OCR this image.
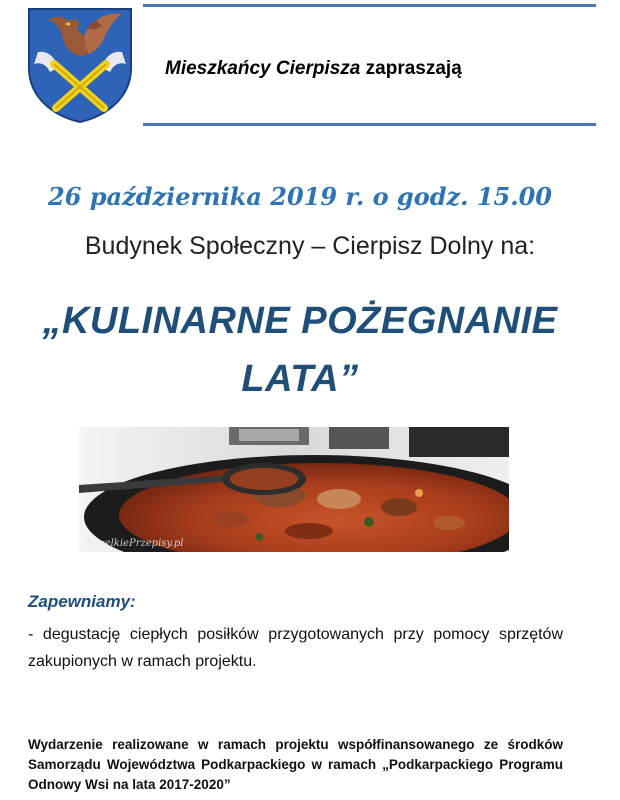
Mieszkańcy Cierpisza zapraszają
26 października 2019 r. o godz. 15.00
Budynek Społeczny – Cierpisz Dolny na:
„KULINARNE POŻEGNANIE
LATA”
WszelkiePrzepisy.pl
Zapewniamy:
- degustację ciepłych posiłków przygotowanych przy pomocy sprzętów zakupionych w ramach projektu.
Wydarzenie realizowane w ramach projektu współfinansowanego ze środków Samorządu Województwa Podkarpackiego w ramach „Podkarpackiego Programu Odnowy Wsi na lata 2017-2020”
